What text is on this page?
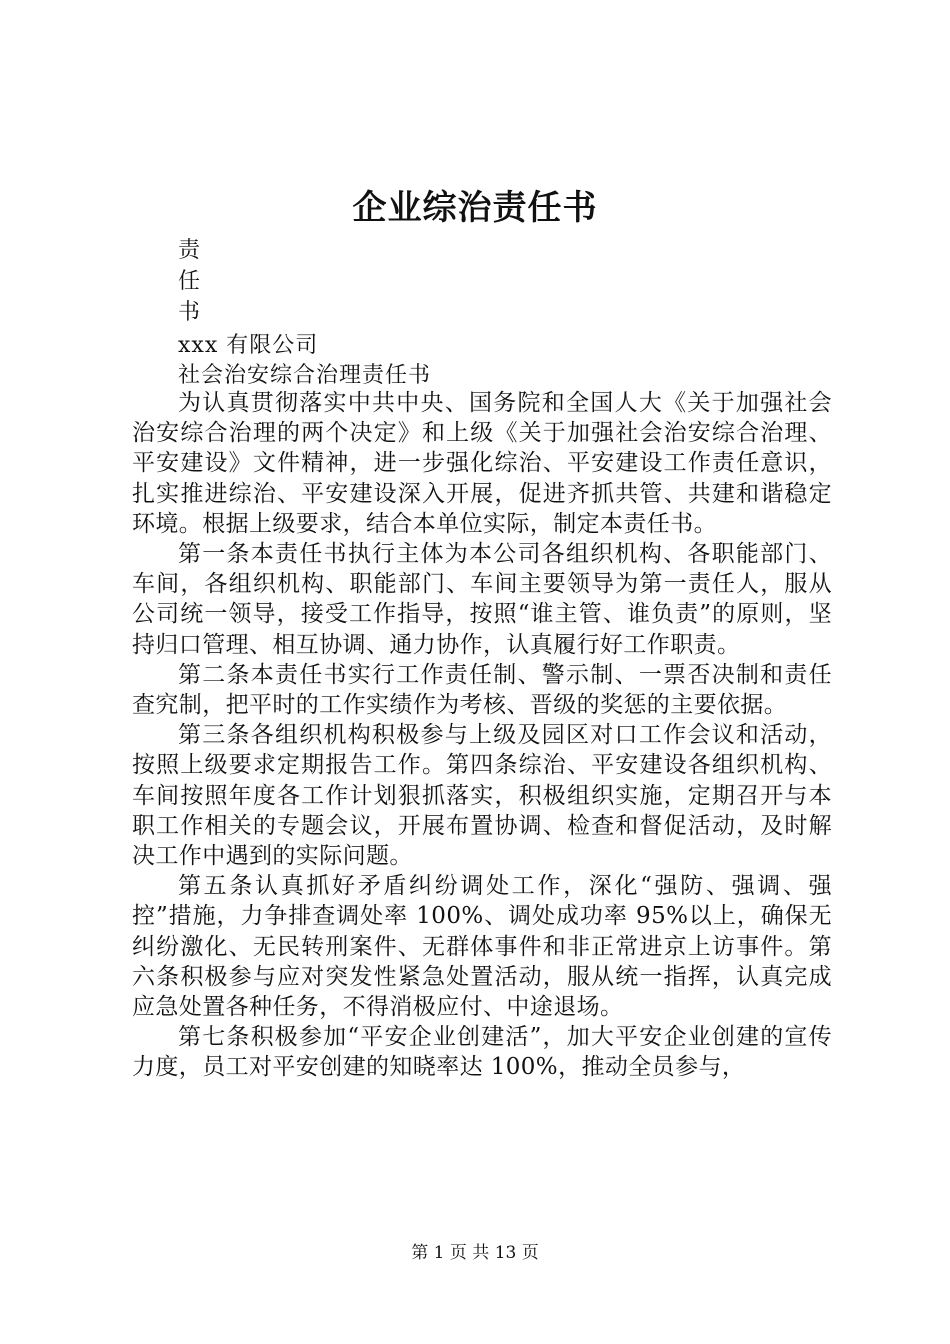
企业综治责任书
责
任
书
xxx 有限公司
社会治安综合治理责任书

为认真贯彻落实中共中央、国务院和全国人大《关于加强社会治安综合治理的两个决定》和上级《关于加强社会治安综合治理、平安建设》文件精神，进一步强化综治、平安建设工作责任意识，扎实推进综治、平安建设深入开展，促进齐抓共管、共建和谐稳定环境。根据上级要求，结合本单位实际，制定本责任书。

第一条本责任书执行主体为本公司各组织机构、各职能部门、车间，各组织机构、职能部门、车间主要领导为第一责任人，服从公司统一领导，接受工作指导，按照“谁主管、谁负责”的原则，坚持归口管理、相互协调、通力协作，认真履行好工作职责。

第二条本责任书实行工作责任制、警示制、一票否决制和责任查究制，把平时的工作实绩作为考核、晋级的奖惩的主要依据。

第三条各组织机构积极参与上级及园区对口工作会议和活动，按照上级要求定期报告工作。第四条综治、平安建设各组织机构、车间按照年度各工作计划狠抓落实，积极组织实施，定期召开与本职工作相关的专题会议，开展布置协调、检查和督促活动，及时解决工作中遇到的实际问题。

第五条认真抓好矛盾纠纷调处工作，深化“强防、强调、强控”措施，力争排查调处率 100%、调处成功率 95%以上，确保无纠纷激化、无民转刑案件、无群体事件和非正常进京上访事件。第六条积极参与应对突发性紧急处置活动，服从统一指挥，认真完成应急处置各种任务，不得消极应付、中途退场。

第七条积极参加“平安企业创建活”，加大平安企业创建的宣传力度，员工对平安创建的知晓率达 100%，推动全员参与，

第 1 页 共 13 页
